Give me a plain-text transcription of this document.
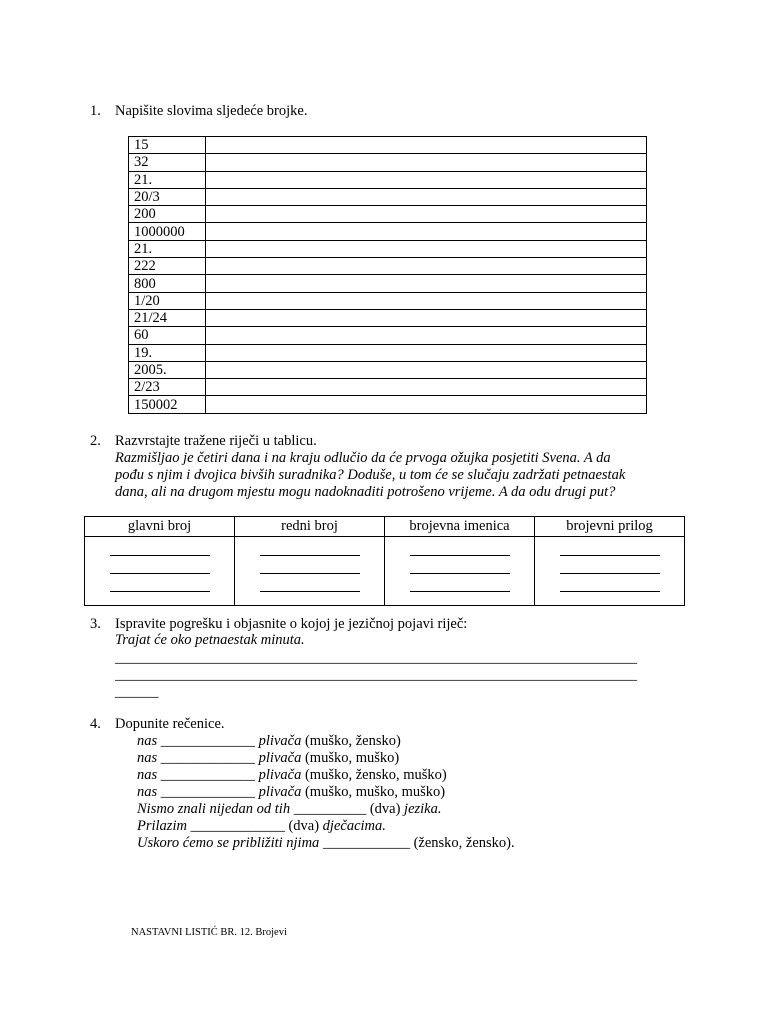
1. Napišite slovima sljedeće brojke.
15	
32	
21.	
20/3	
200	
1000000	
21.	
222	
800	
1/20	
21/24	
60	
19.	
2005.	
2/23	
150002	
2. Razvrstajte tražene riječi u tablicu.
Razmišljao je četiri dana i na kraju odlučio da će prvoga ožujka posjetiti Svena. A da
pođu s njim i dvojica bivših suradnika? Doduše, u tom će se slučaju zadržati petnaestak
dana, ali na drugom mjestu mogu nadoknaditi potrošeno vrijeme. A da odu drugi put?
glavni broj	redni broj	brojevna imenica	brojevni prilog

3. Ispravite pogrešku i objasnite o kojoj je jezičnoj pojavi riječ:
Trajat će oko petnaestak minuta.
________________________________________________________________________
________________________________________________________________________
______
4. Dopunite rečenice.
nas _____________ plivača (muško, žensko)
nas _____________ plivača (muško, muško)
nas _____________ plivača (muško, žensko, muško)
nas _____________ plivača (muško, muško, muško)
Nismo znali nijedan od tih __________ (dva) jezika.
Prilazim _____________ (dva) dječacima.
Uskoro ćemo se približiti njima ____________ (žensko, žensko).
NASTAVNI LISTIĆ BR. 12. Brojevi
